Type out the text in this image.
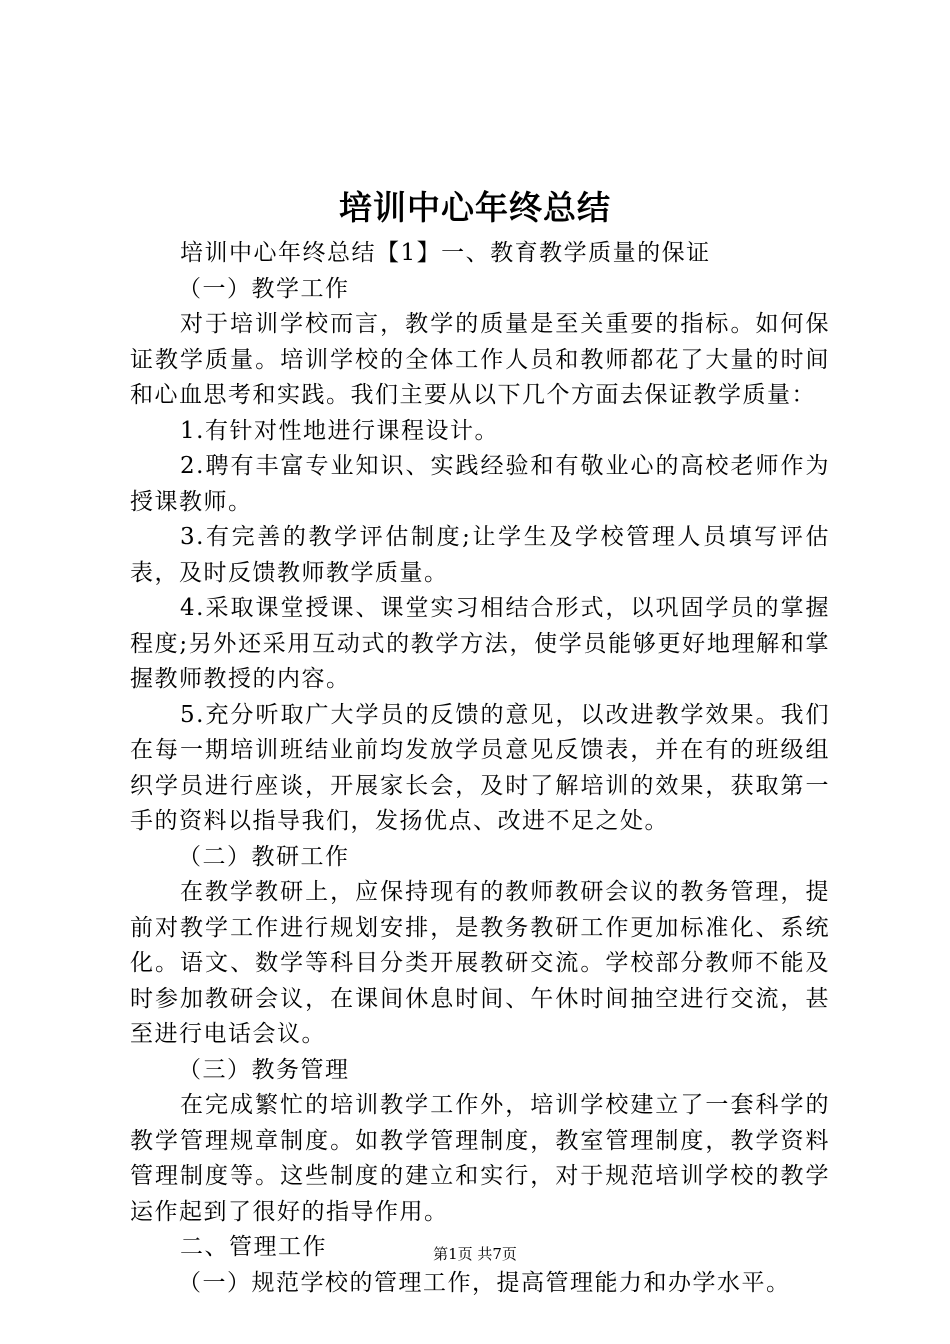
培训中心年终总结

培训中心年终总结【1】一、教育教学质量的保证

（一）教学工作

对于培训学校而言，教学的质量是至关重要的指标。如何保证教学质量。培训学校的全体工作人员和教师都花了大量的时间和心血思考和实践。我们主要从以下几个方面去保证教学质量：

1.有针对性地进行课程设计。

2.聘有丰富专业知识、实践经验和有敬业心的高校老师作为授课教师。

3.有完善的教学评估制度;让学生及学校管理人员填写评估表，及时反馈教师教学质量。

4.采取课堂授课、课堂实习相结合形式，以巩固学员的掌握程度;另外还采用互动式的教学方法，使学员能够更好地理解和掌握教师教授的内容。

5.充分听取广大学员的反馈的意见，以改进教学效果。我们在每一期培训班结业前均发放学员意见反馈表，并在有的班级组织学员进行座谈，开展家长会，及时了解培训的效果，获取第一手的资料以指导我们，发扬优点、改进不足之处。

（二）教研工作

在教学教研上，应保持现有的教师教研会议的教务管理，提前对教学工作进行规划安排，是教务教研工作更加标准化、系统化。语文、数学等科目分类开展教研交流。学校部分教师不能及时参加教研会议，在课间休息时间、午休时间抽空进行交流，甚至进行电话会议。

（三）教务管理

在完成繁忙的培训教学工作外，培训学校建立了一套科学的教学管理规章制度。如教学管理制度，教室管理制度，教学资料管理制度等。这些制度的建立和实行，对于规范培训学校的教学运作起到了很好的指导作用。

二、管理工作

（一）规范学校的管理工作，提高管理能力和办学水平。

第1页 共7页
